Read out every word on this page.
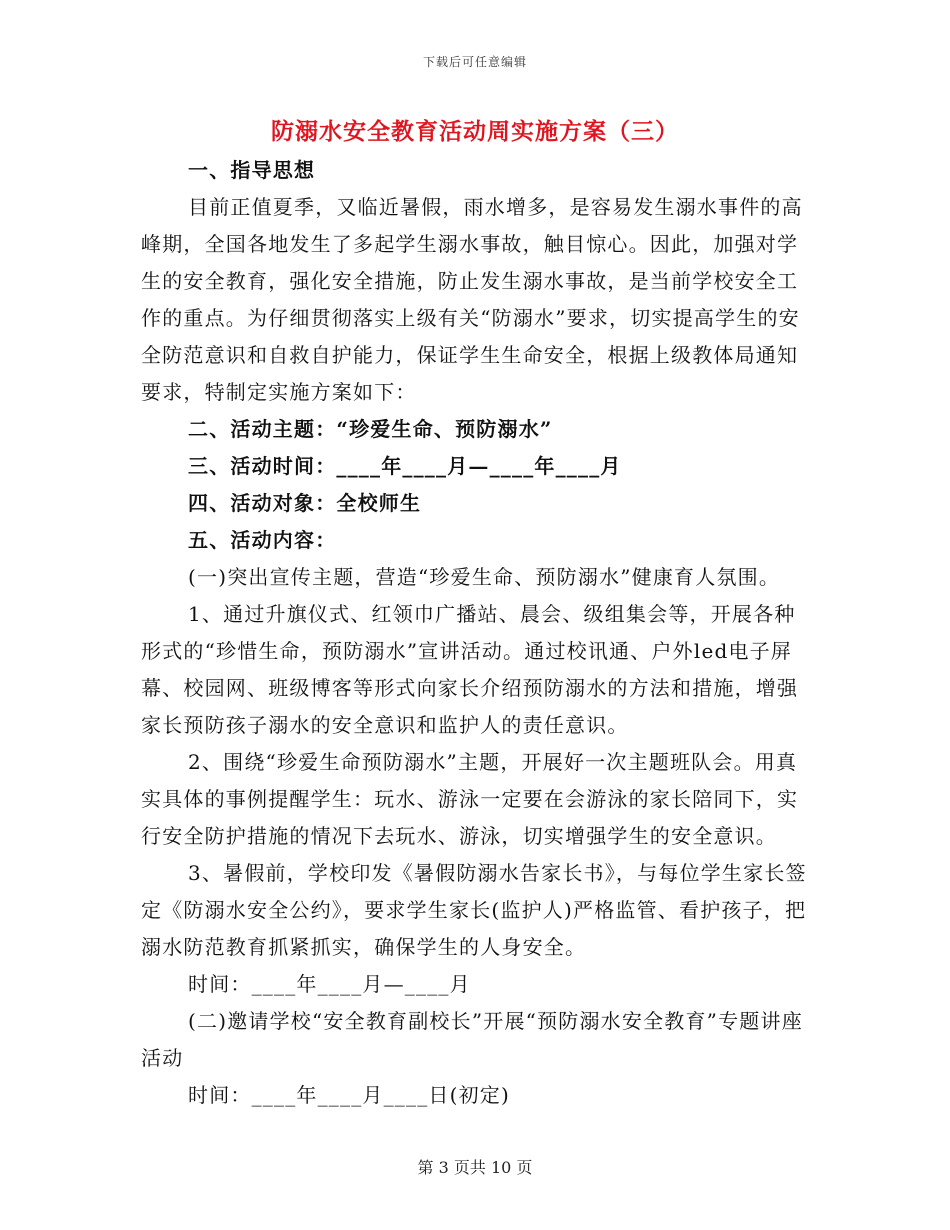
下载后可任意编辑
防溺水安全教育活动周实施方案（三）

一、指导思想

目前正值夏季，又临近暑假，雨水增多，是容易发生溺水事件的高峰期，全国各地发生了多起学生溺水事故，触目惊心。因此，加强对学生的安全教育，强化安全措施，防止发生溺水事故，是当前学校安全工作的重点。为仔细贯彻落实上级有关“防溺水”要求，切实提高学生的安全防范意识和自救自护能力，保证学生生命安全，根据上级教体局通知要求，特制定实施方案如下：

二、活动主题：“珍爱生命、预防溺水”

三、活动时间：____年____月—____年____月

四、活动对象：全校师生

五、活动内容：

(一)突出宣传主题，营造“珍爱生命、预防溺水”健康育人氛围。

1、通过升旗仪式、红领巾广播站、晨会、级组集会等，开展各种形式的“珍惜生命，预防溺水”宣讲活动。通过校讯通、户外led电子屏幕、校园网、班级博客等形式向家长介绍预防溺水的方法和措施，增强家长预防孩子溺水的安全意识和监护人的责任意识。

2、围绕“珍爱生命预防溺水”主题，开展好一次主题班队会。用真实具体的事例提醒学生：玩水、游泳一定要在会游泳的家长陪同下，实行安全防护措施的情况下去玩水、游泳，切实增强学生的安全意识。

3、暑假前，学校印发《暑假防溺水告家长书》，与每位学生家长签定《防溺水安全公约》，要求学生家长(监护人)严格监管、看护孩子，把溺水防范教育抓紧抓实，确保学生的人身安全。

时间：____年____月—____月

(二)邀请学校“安全教育副校长”开展“预防溺水安全教育”专题讲座活动

时间：____年____月____日(初定)

第 3 页共 10 页
